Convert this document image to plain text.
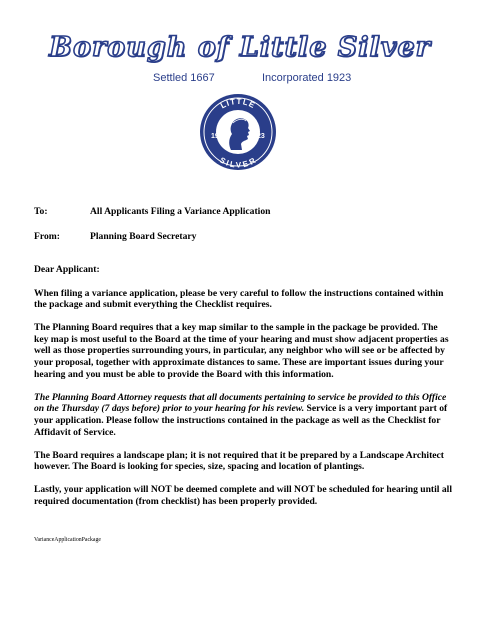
Borough of Little Silver
Settled 1667	Incorporated 1923
LITTLE
SILVER
19	23
To:	All Applicants Filing a Variance Application
From:	Planning Board Secretary

Dear Applicant:

When filing a variance application, please be very careful to follow the instructions contained within the package and submit everything the Checklist requires.

The Planning Board requires that a key map similar to the sample in the package be provided. The key map is most useful to the Board at the time of your hearing and must show adjacent properties as well as those properties surrounding yours, in particular, any neighbor who will see or be affected by your proposal, together with approximate distances to same. These are important issues during your hearing and you must be able to provide the Board with this information.

The Planning Board Attorney requests that all documents pertaining to service be provided to this Office on the Thursday (7 days before) prior to your hearing for his review. Service is a very important part of your application. Please follow the instructions contained in the package as well as the Checklist for Affidavit of Service.

The Board requires a landscape plan; it is not required that it be prepared by a Landscape Architect however. The Board is looking for species, size, spacing and location of plantings.

Lastly, your application will NOT be deemed complete and will NOT be scheduled for hearing until all required documentation (from checklist) has been properly provided.

VarianceApplicationPackage
